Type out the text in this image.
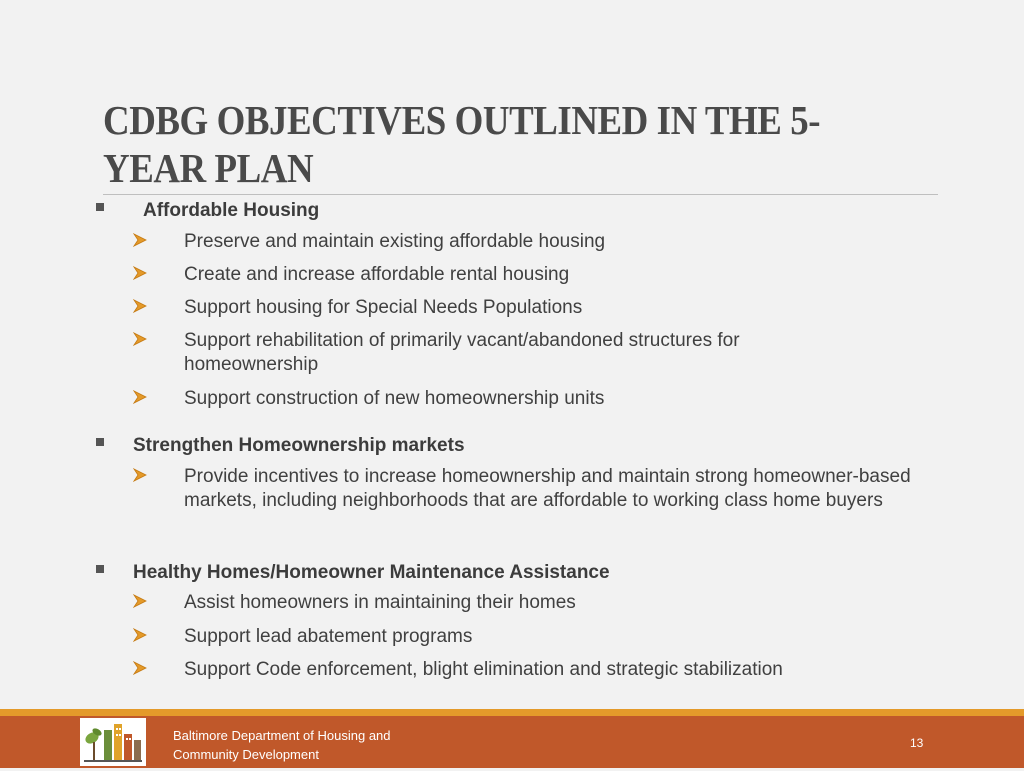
CDBG OBJECTIVES OUTLINED IN THE 5-YEAR PLAN
Affordable Housing
Preserve and maintain existing affordable housing
Create and increase affordable rental housing
Support housing for Special Needs Populations
Support rehabilitation of primarily vacant/abandoned structures for homeownership
Support construction of new homeownership units
Strengthen Homeownership markets
Provide incentives to increase homeownership and maintain strong homeowner-based markets, including neighborhoods that are affordable to working class home buyers
Healthy Homes/Homeowner Maintenance Assistance
Assist homeowners in maintaining their homes
Support lead abatement programs
Support Code enforcement, blight elimination and strategic stabilization
Baltimore Department of Housing and Community Development
13
